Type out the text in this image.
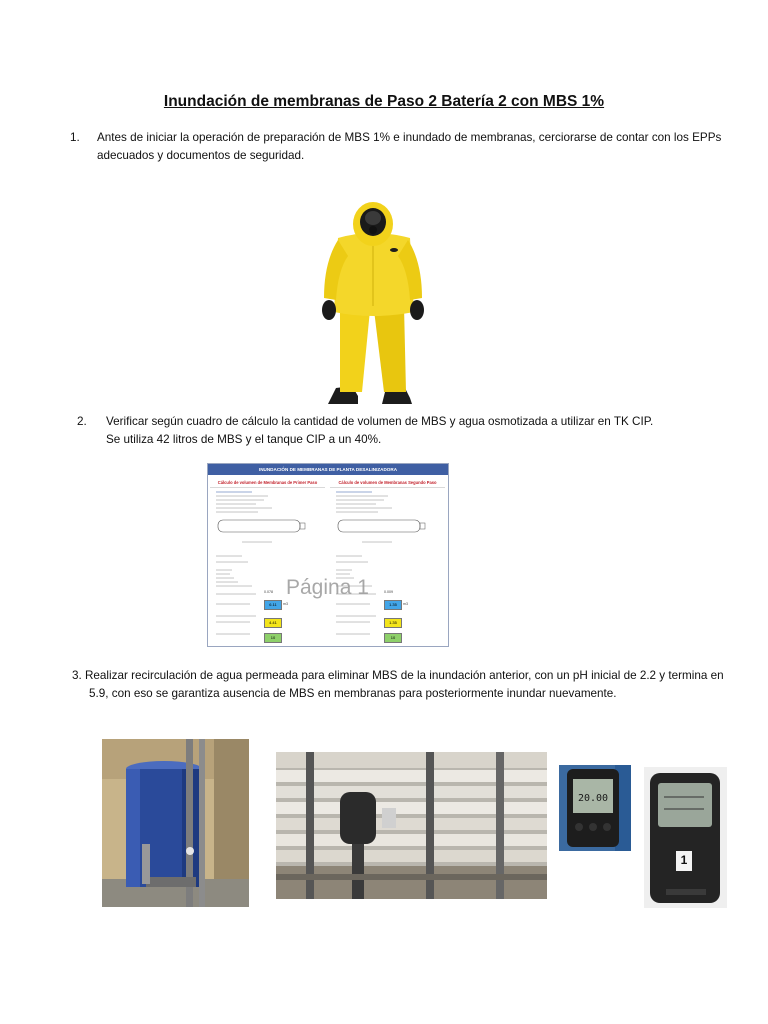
Inundación de membranas de Paso 2 Batería 2 con MBS 1%
1. Antes de iniciar la operación de preparación de MBS 1% e inundado de membranas, cerciorarse de contar con los EPPs
adecuados y documentos de seguridad.
2. Verificar según cuadro de cálculo la cantidad de volumen de MBS y agua osmotizada a utilizar en TK CIP.
Se utiliza 42 litros de MBS y el tanque CIP a un 40%.
INUNDACIÓN DE MEMBRANAS DE PLANTA DESALINIZADORA
Cálculo de volumen de Membranas de Primer Paso	Cálculo de volumen de Membranas Segundo Paso
6.11
4.41
10
0.078
m3	1.35
1.35
10
0.009
m3
Página 1
3. Realizar recirculación de agua permeada para eliminar MBS de la inundación anterior, con un pH inicial de 2.2 y termina en
5.9, con eso se garantiza ausencia de MBS en membranas para posteriormente inundar nuevamente.
20.00
1
